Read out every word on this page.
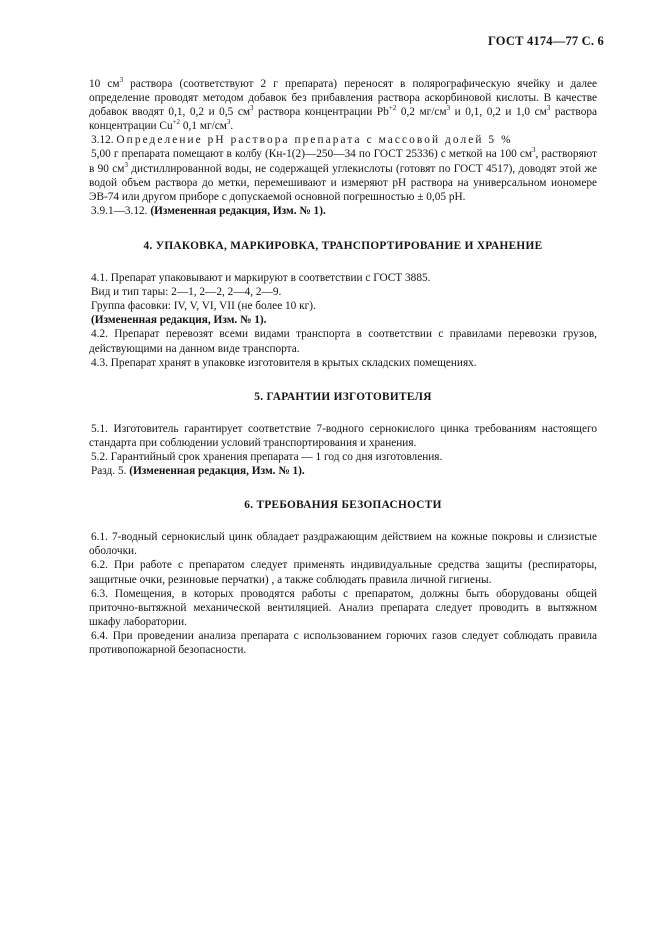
ГОСТ 4174—77 С. 6

10 $см^3$ раствора (соответствуют 2 г препарата) переносят в полярографическую ячейку и далее определение проводят методом добавок без прибавления раствора аскорбиновой кислоты. В качестве добавок вводят 0,1, 0,2 и 0,5 $см^3$ раствора концентрации $Pb^{+2}$ 0,2 $мг/см^3$ и 0,1, 0,2 и 1,0 $см^3$ раствора концентрации $Cu^{+2}$ 0,1 $мг/см^3$.

3.12. Определение рН раствора препарата с массовой долей 5 %

5,00 г препарата помещают в колбу (Кн-1(2)—250—34 по ГОСТ 25336) с меткой на 100 $см^3$, растворяют в 90 $см^3$ дистиллированной воды, не содержащей углекислоты (готовят по ГОСТ 4517), доводят этой же водой объем раствора до метки, перемешивают и измеряют рН раствора на универсальном иономере ЭВ-74 или другом приборе с допускаемой основной погрешностью ± 0,05 рН.

3.9.1—3.12. (Измененная редакция, Изм. № 1).

4. УПАКОВКА, МАРКИРОВКА, ТРАНСПОРТИРОВАНИЕ И ХРАНЕНИЕ

4.1. Препарат упаковывают и маркируют в соответствии с ГОСТ 3885.

Вид и тип тары: 2—1, 2—2, 2—4, 2—9.

Группа фасовки: IV, V, VI, VII (не более 10 кг).

(Измененная редакция, Изм. № 1).

4.2. Препарат перевозят всеми видами транспорта в соответствии с правилами перевозки грузов, действующими на данном виде транспорта.

4.3. Препарат хранят в упаковке изготовителя в крытых складских помещениях.

5. ГАРАНТИИ ИЗГОТОВИТЕЛЯ

5.1. Изготовитель гарантирует соответствие 7-водного сернокислого цинка требованиям настоящего стандарта при соблюдении условий транспортирования и хранения.

5.2. Гарантийный срок хранения препарата — 1 год со дня изготовления.

Разд. 5. (Измененная редакция, Изм. № 1).

6. ТРЕБОВАНИЯ БЕЗОПАСНОСТИ

6.1. 7-водный сернокислый цинк обладает раздражающим действием на кожные покровы и слизистые оболочки.

6.2. При работе с препаратом следует применять индивидуальные средства защиты (респираторы, защитные очки, резиновые перчатки) , а также соблюдать правила личной гигиены.

6.3. Помещения, в которых проводятся работы с препаратом, должны быть оборудованы общей приточно-вытяжной механической вентиляцией. Анализ препарата следует проводить в вытяжном шкафу лаборатории.

6.4. При проведении анализа препарата с использованием горючих газов следует соблюдать правила противопожарной безопасности.
